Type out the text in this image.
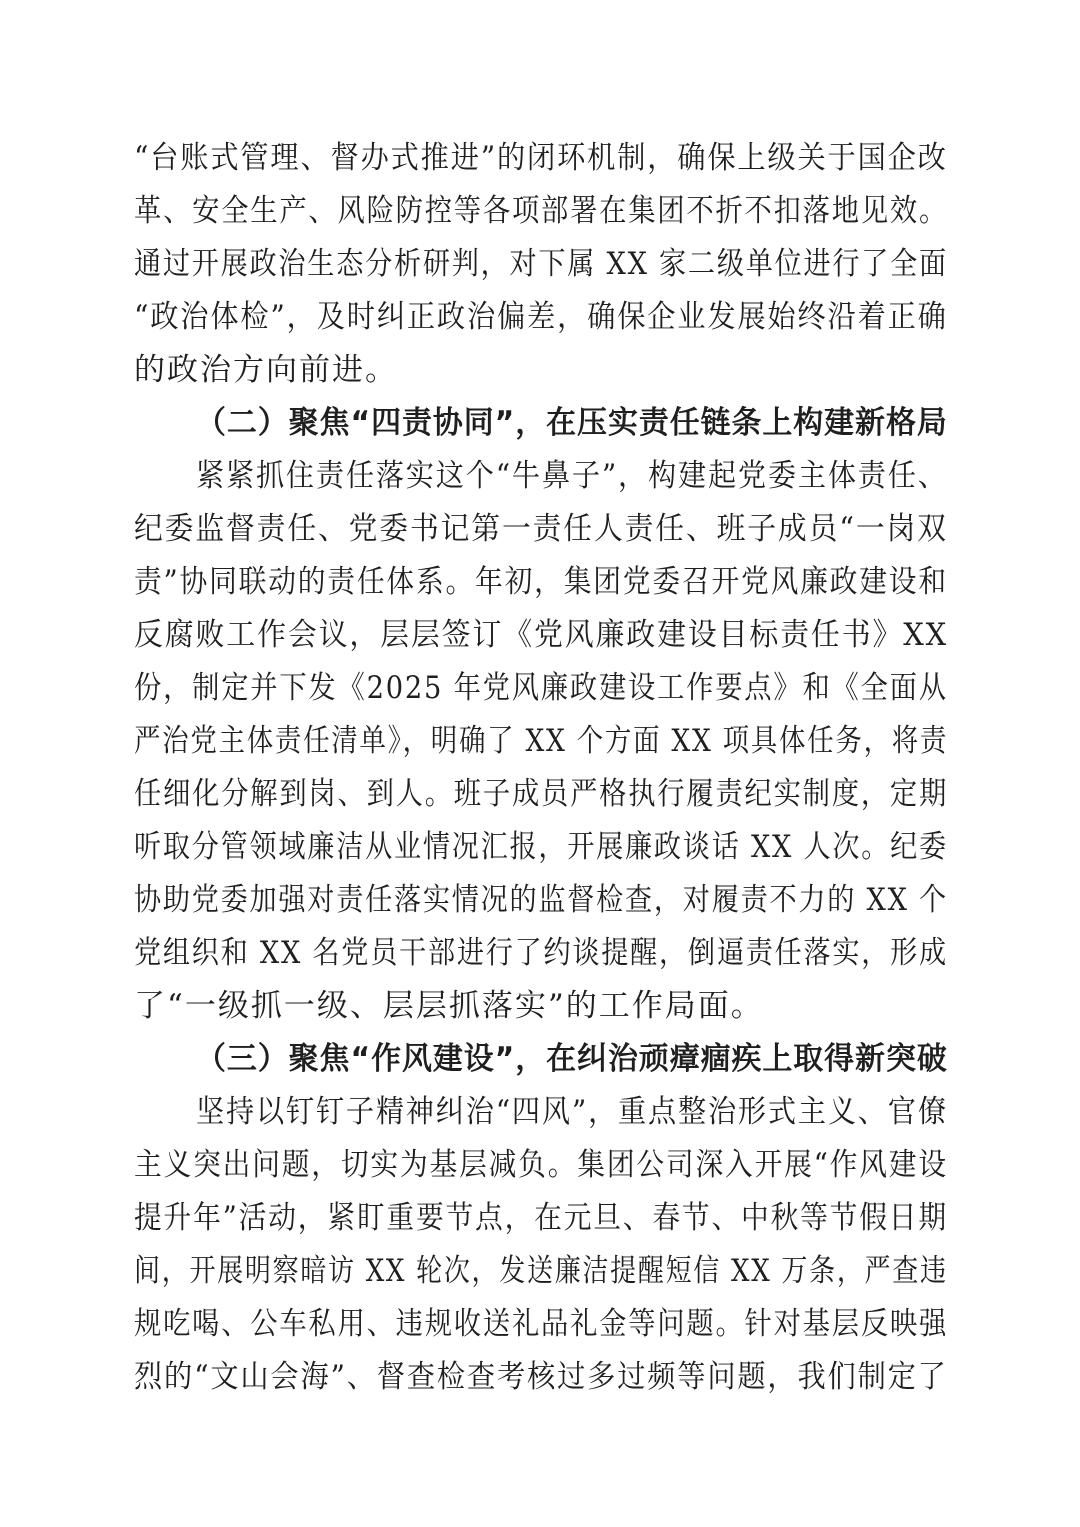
“台账式管理、督办式推进”的闭环机制，确保上级关于国企改
革、安全生产、风险防控等各项部署在集团不折不扣落地见效。
通过开展政治生态分析研判，对下属 XX 家二级单位进行了全面
“政治体检”，及时纠正政治偏差，确保企业发展始终沿着正确
的政治方向前进。
（二）聚焦“四责协同”，在压实责任链条上构建新格局
紧紧抓住责任落实这个“牛鼻子”，构建起党委主体责任、
纪委监督责任、党委书记第一责任人责任、班子成员“一岗双
责”协同联动的责任体系。年初，集团党委召开党风廉政建设和
反腐败工作会议，层层签订《党风廉政建设目标责任书》XX
份，制定并下发《2025 年党风廉政建设工作要点》和《全面从
严治党主体责任清单》，明确了 XX 个方面 XX 项具体任务，将责
任细化分解到岗、到人。班子成员严格执行履责纪实制度，定期
听取分管领域廉洁从业情况汇报，开展廉政谈话 XX 人次。纪委
协助党委加强对责任落实情况的监督检查，对履责不力的 XX 个
党组织和 XX 名党员干部进行了约谈提醒，倒逼责任落实，形成
了“一级抓一级、层层抓落实”的工作局面。
（三）聚焦“作风建设”，在纠治顽瘴痼疾上取得新突破
坚持以钉钉子精神纠治“四风”，重点整治形式主义、官僚
主义突出问题，切实为基层减负。集团公司深入开展“作风建设
提升年”活动，紧盯重要节点，在元旦、春节、中秋等节假日期
间，开展明察暗访 XX 轮次，发送廉洁提醒短信 XX 万条，严查违
规吃喝、公车私用、违规收送礼品礼金等问题。针对基层反映强
烈的“文山会海”、督查检查考核过多过频等问题，我们制定了
